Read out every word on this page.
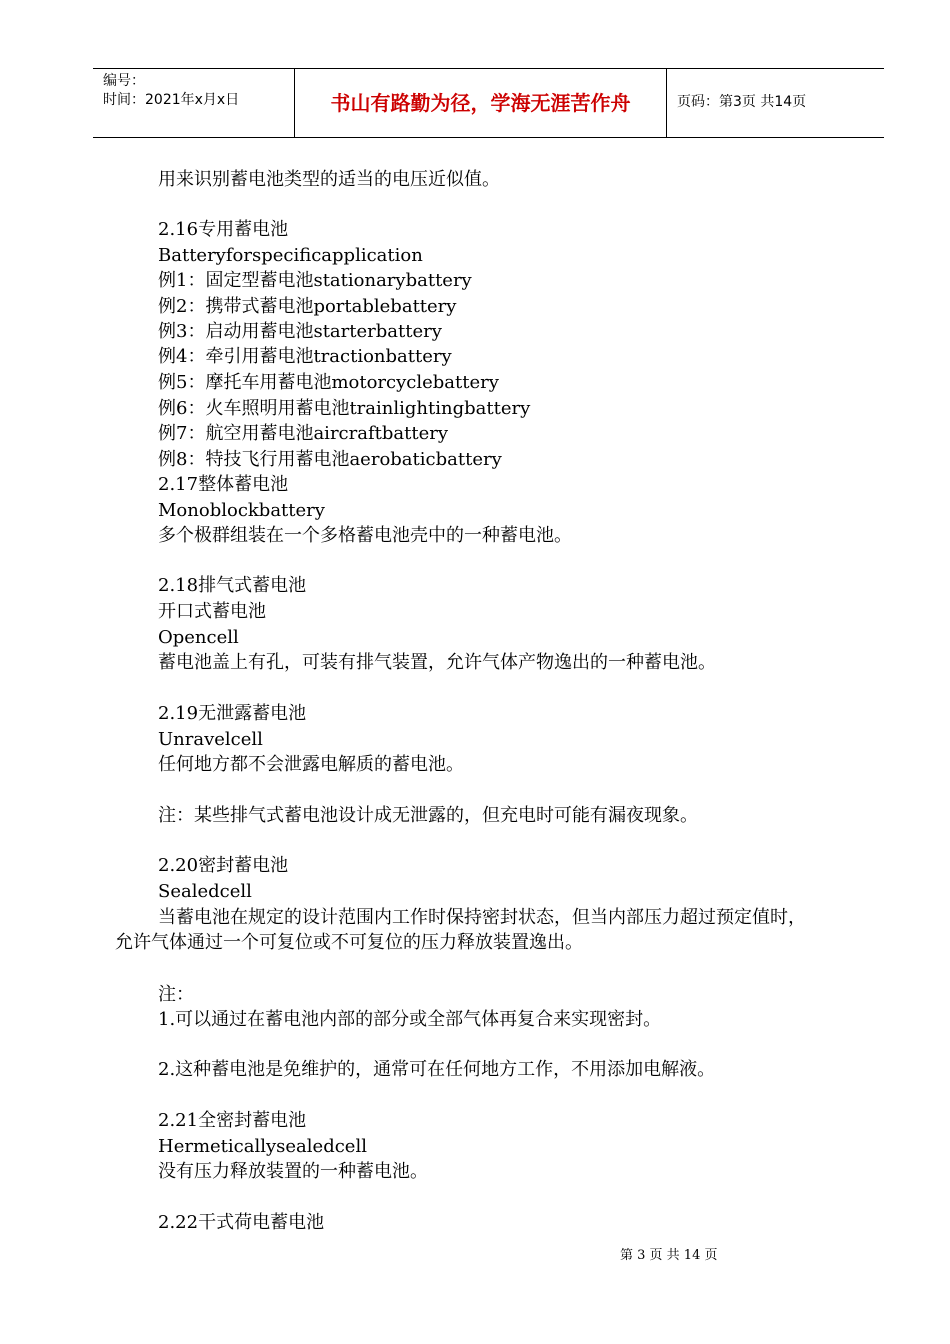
编号：
时间：2021年x月x日	书山有路勤为径，学海无涯苦作舟	页码：第3页 共14页
用来识别蓄电池类型的适当的电压近似值。
2.16专用蓄电池
Batteryforspecificapplication
例1：固定型蓄电池stationarybattery
例2：携带式蓄电池portablebattery
例3：启动用蓄电池starterbattery
例4：牵引用蓄电池tractionbattery
例5：摩托车用蓄电池motorcyclebattery
例6：火车照明用蓄电池trainlightingbattery
例7：航空用蓄电池aircraftbattery
例8：特技飞行用蓄电池aerobaticbattery
2.17整体蓄电池
Monoblockbattery
多个极群组装在一个多格蓄电池壳中的一种蓄电池。
2.18排气式蓄电池
开口式蓄电池
Opencell
蓄电池盖上有孔，可装有排气装置，允许气体产物逸出的一种蓄电池。
2.19无泄露蓄电池
Unravelcell
任何地方都不会泄露电解质的蓄电池。
注：某些排气式蓄电池设计成无泄露的，但充电时可能有漏夜现象。
2.20密封蓄电池
Sealedcell
当蓄电池在规定的设计范围内工作时保持密封状态，但当内部压力超过预定值时，
允许气体通过一个可复位或不可复位的压力释放装置逸出。
注：
1.可以通过在蓄电池内部的部分或全部气体再复合来实现密封。
2.这种蓄电池是免维护的，通常可在任何地方工作，不用添加电解液。
2.21全密封蓄电池
Hermeticallysealedcell
没有压力释放装置的一种蓄电池。
2.22干式荷电蓄电池
第 3 页 共 14 页
